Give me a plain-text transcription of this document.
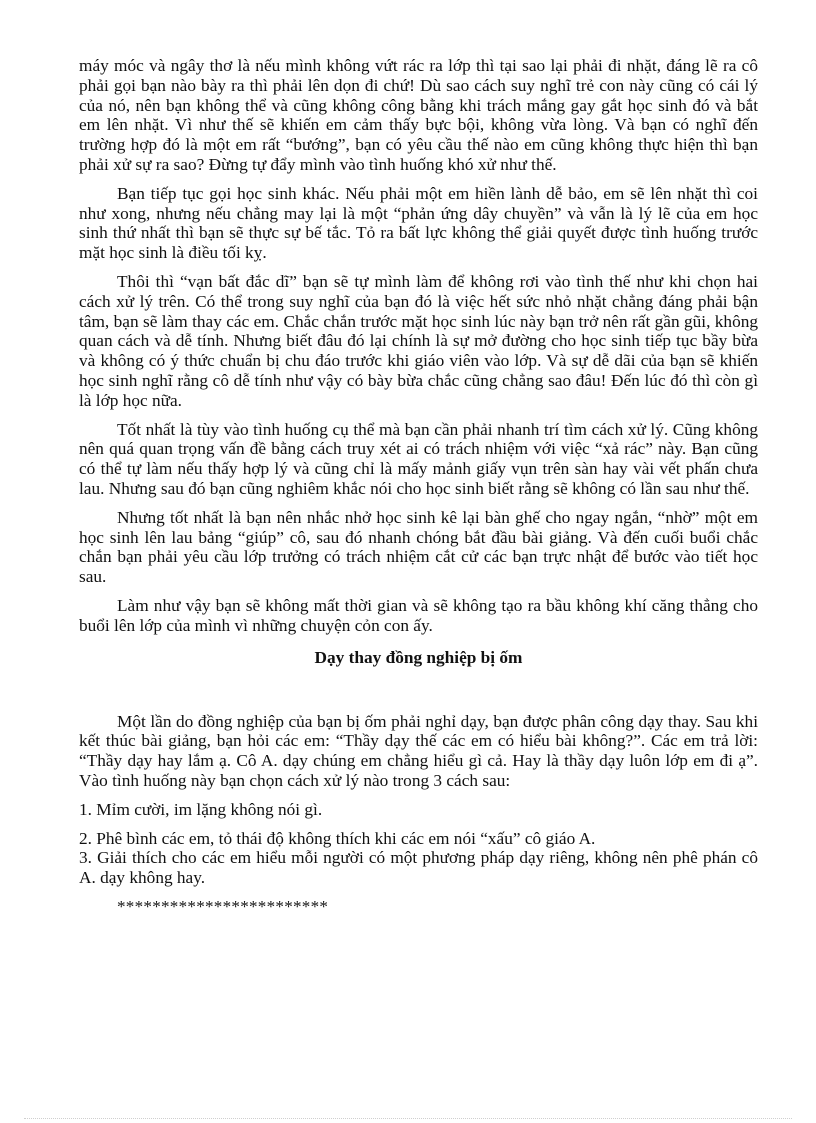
máy móc và ngây thơ là nếu mình không vứt rác ra lớp thì tại sao lại phải đi nhặt, đáng lẽ ra cô phải gọi bạn nào bày ra thì phải lên dọn đi chứ! Dù sao cách suy nghĩ trẻ con này cũng có cái lý của nó, nên bạn không thể và cũng không công bằng khi trách mắng gay gắt học sinh đó và bắt em lên nhặt. Vì như thế sẽ khiến em cảm thấy bực bội, không vừa lòng. Và bạn có nghĩ đến trường hợp đó là một em rất “bướng”, bạn có yêu cầu thế nào em cũng không thực hiện thì bạn phải xử sự ra sao? Đừng tự đẩy mình vào tình huống khó xử như thế.

Bạn tiếp tục gọi học sinh khác. Nếu phải một em hiền lành dễ bảo, em sẽ lên nhặt thì coi như xong, nhưng nếu chẳng may lại là một “phản ứng dây chuyền” và vẫn là lý lẽ của em học sinh thứ nhất thì bạn sẽ thực sự bế tắc. Tỏ ra bất lực không thể giải quyết được tình huống trước mặt học sinh là điều tối kỵ.

Thôi thì “vạn bất đắc dĩ” bạn sẽ tự mình làm để không rơi vào tình thế như khi chọn hai cách xử lý trên. Có thể trong suy nghĩ của bạn đó là việc hết sức nhỏ nhặt chẳng đáng phải bận tâm, bạn sẽ làm thay các em. Chắc chắn trước mặt học sinh lúc này bạn trở nên rất gần gũi, không quan cách và dễ tính. Nhưng biết đâu đó lại chính là sự mở đường cho học sinh tiếp tục bầy bừa và không có ý thức chuẩn bị chu đáo trước khi giáo viên vào lớp. Và sự dễ dãi của bạn sẽ khiến học sinh nghĩ rằng cô dễ tính như vậy có bày bừa chắc cũng chẳng sao đâu! Đến lúc đó thì còn gì là lớp học nữa.

Tốt nhất là tùy vào tình huống cụ thể mà bạn cần phải nhanh trí tìm cách xử lý. Cũng không nên quá quan trọng vấn đề bằng cách truy xét ai có trách nhiệm với việc “xả rác” này. Bạn cũng có thể tự làm nếu thấy hợp lý và cũng chỉ là mấy mảnh giấy vụn trên sàn hay vài vết phấn chưa lau. Nhưng sau đó bạn cũng nghiêm khắc nói cho học sinh biết rằng sẽ không có lần sau như thế.

Nhưng tốt nhất là bạn nên nhắc nhở học sinh kê lại bàn ghế cho ngay ngắn, “nhờ” một em học sinh lên lau bảng “giúp” cô, sau đó nhanh chóng bắt đầu bài giảng. Và đến cuối buổi chắc chắn bạn phải yêu cầu lớp trưởng có trách nhiệm cắt cử các bạn trực nhật để bước vào tiết học sau.

Làm như vậy bạn sẽ không mất thời gian và sẽ không tạo ra bầu không khí căng thẳng cho buổi lên lớp của mình vì những chuyện cỏn con ấy.

Dạy thay đồng nghiệp bị ốm

Một lần do đồng nghiệp của bạn bị ốm phải nghỉ dạy, bạn được phân công dạy thay. Sau khi kết thúc bài giảng, bạn hỏi các em: “Thầy dạy thế các em có hiểu bài không?”. Các em trả lời: “Thầy dạy hay lắm ạ. Cô A. dạy chúng em chẳng hiểu gì cả. Hay là thầy dạy luôn lớp em đi ạ”. Vào tình huống này bạn chọn cách xử lý nào trong 3 cách sau:

1. Mỉm cười, im lặng không nói gì.

2. Phê bình các em, tỏ thái độ không thích khi các em nói “xấu” cô giáo A.

3. Giải thích cho các em hiểu mỗi người có một phương pháp dạy riêng, không nên phê phán cô A. dạy không hay.

************************
